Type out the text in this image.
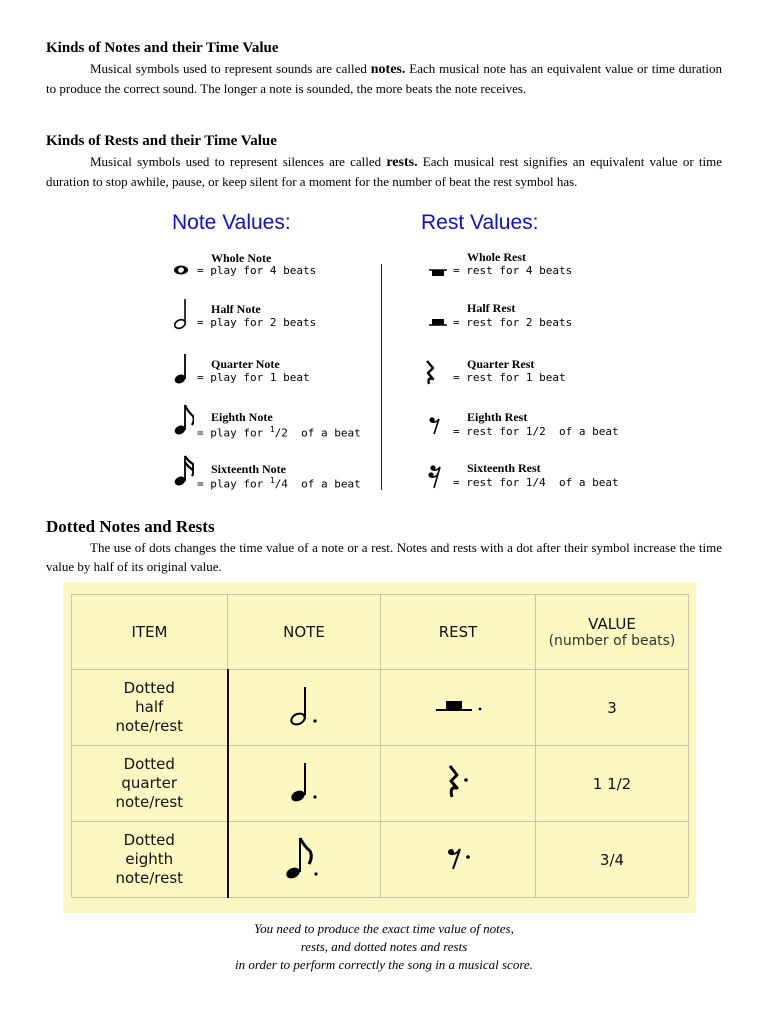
Kinds of Notes and their Time Value

Musical symbols used to represent sounds are called notes. Each musical note has an equivalent value or time duration to produce the correct sound. The longer a note is sounded, the more beats the note receives.

Kinds of Rests and their Time Value

Musical symbols used to represent silences are called rests. Each musical rest signifies an equivalent value or time duration to stop awhile, pause, or keep silent for a moment for the number of beat the rest symbol has.

Note Values:	Rest Values:
Whole Note
= play for 4 beats
Half Note
= play for 2 beats
Quarter Note
= play for 1 beat
Eighth Note
= play for $^1$/2  of a beat
Sixteenth Note
= play for $^1$/4  of a beat
Whole Rest
= rest for 4 beats
Half Rest
= rest for 2 beats
Quarter Rest
= rest for 1 beat
Eighth Rest
= rest for 1/2  of a beat
Sixteenth Rest
= rest for 1/4  of a beat
Dotted Notes and Rests

The use of dots changes the time value of a note or a rest. Notes and rests with a dot after their symbol increase the time value by half of its original value.

ITEM	NOTE	REST	VALUE
(number of beats)

Dotted
half
note/rest			3
Dotted
quarter
note/rest			1 1/2
Dotted
eighth
note/rest			3/4
You need to produce the exact time value of notes,
rests, and dotted notes and rests
in order to perform correctly the song in a musical score.
